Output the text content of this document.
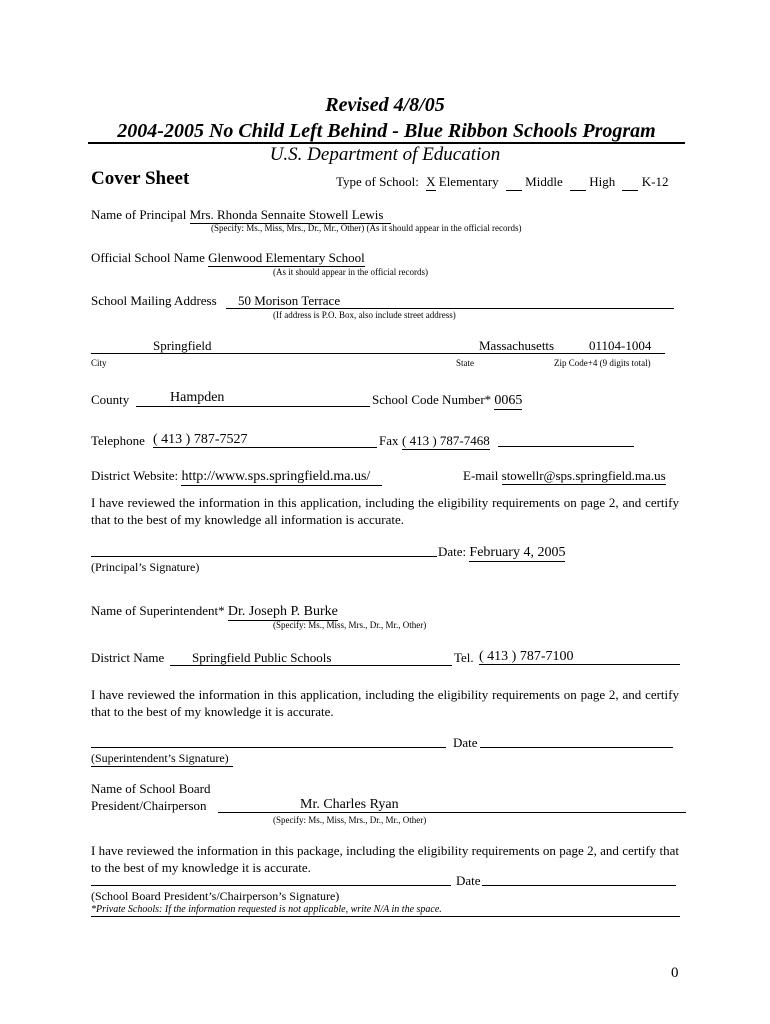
Revised 4/8/05
2004-2005 No Child Left Behind - Blue Ribbon Schools Program
U.S. Department of Education
Cover Sheet	Type of School: X Elementary Middle High K-12
Name of Principal Mrs. Rhonda Sennaite Stowell Lewis
(Specify: Ms., Miss, Mrs., Dr., Mr., Other) (As it should appear in the official records)
Official School Name Glenwood Elementary School
(As it should appear in the official records)
School Mailing Address	50 Morison Terrace
(If address is P.O. Box, also include street address)
Springfield	Massachusetts	01104-1004
City	State	Zip Code+4 (9 digits total)
County	Hampden	School Code Number* 0065
Telephone ( 413 ) 787-7527	Fax ( 413 ) 787-7468
District Website: http://www.sps.springfield.ma.us/	E-mail stowellr@sps.springfield.ma.us
I have reviewed the information in this application, including the eligibility requirements on page 2, and certify that to the best of my knowledge all information is accurate.
Date: February 4, 2005
(Principal’s Signature)
Name of Superintendent* Dr. Joseph P. Burke
(Specify: Ms., Miss, Mrs., Dr., Mr., Other)
District Name	Springfield Public Schools	Tel. ( 413 ) 787-7100
I have reviewed the information in this application, including the eligibility requirements on page 2, and certify that to the best of my knowledge it is accurate.
Date
(Superintendent’s Signature)
Name of School Board
President/Chairperson	Mr. Charles Ryan
(Specify: Ms., Miss, Mrs., Dr., Mr., Other)
I have reviewed the information in this package, including the eligibility requirements on page 2, and certify that to the best of my knowledge it is accurate.
Date
(School Board President’s/Chairperson’s Signature)
*Private Schools: If the information requested is not applicable, write N/A in the space.
0
